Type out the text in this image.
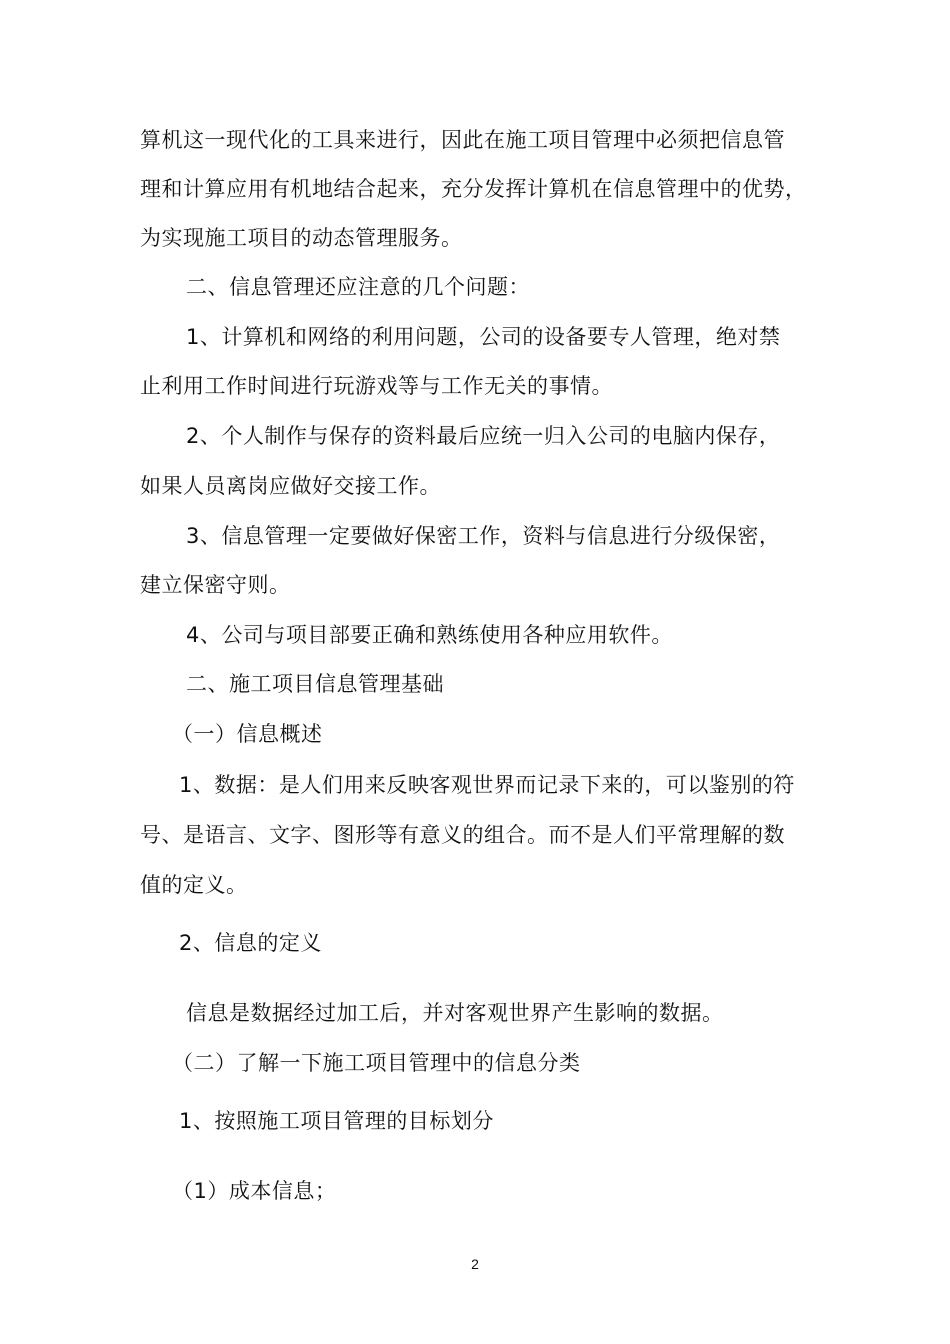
算机这一现代化的工具来进行，因此在施工项目管理中必须把信息管
理和计算应用有机地结合起来，充分发挥计算机在信息管理中的优势，
为实现施工项目的动态管理服务。
二、信息管理还应注意的几个问题：
1、计算机和网络的利用问题，公司的设备要专人管理，绝对禁
止利用工作时间进行玩游戏等与工作无关的事情。
2、个人制作与保存的资料最后应统一归入公司的电脑内保存，
如果人员离岗应做好交接工作。
3、信息管理一定要做好保密工作，资料与信息进行分级保密，
建立保密守则。
4、公司与项目部要正确和熟练使用各种应用软件。
二、施工项目信息管理基础
（一）信息概述
1、数据：是人们用来反映客观世界而记录下来的，可以鉴别的符
号、是语言、文字、图形等有意义的组合。而不是人们平常理解的数
值的定义。
2、信息的定义
信息是数据经过加工后，并对客观世界产生影响的数据。
（二）了解一下施工项目管理中的信息分类
1、按照施工项目管理的目标划分
（1）成本信息；
2
